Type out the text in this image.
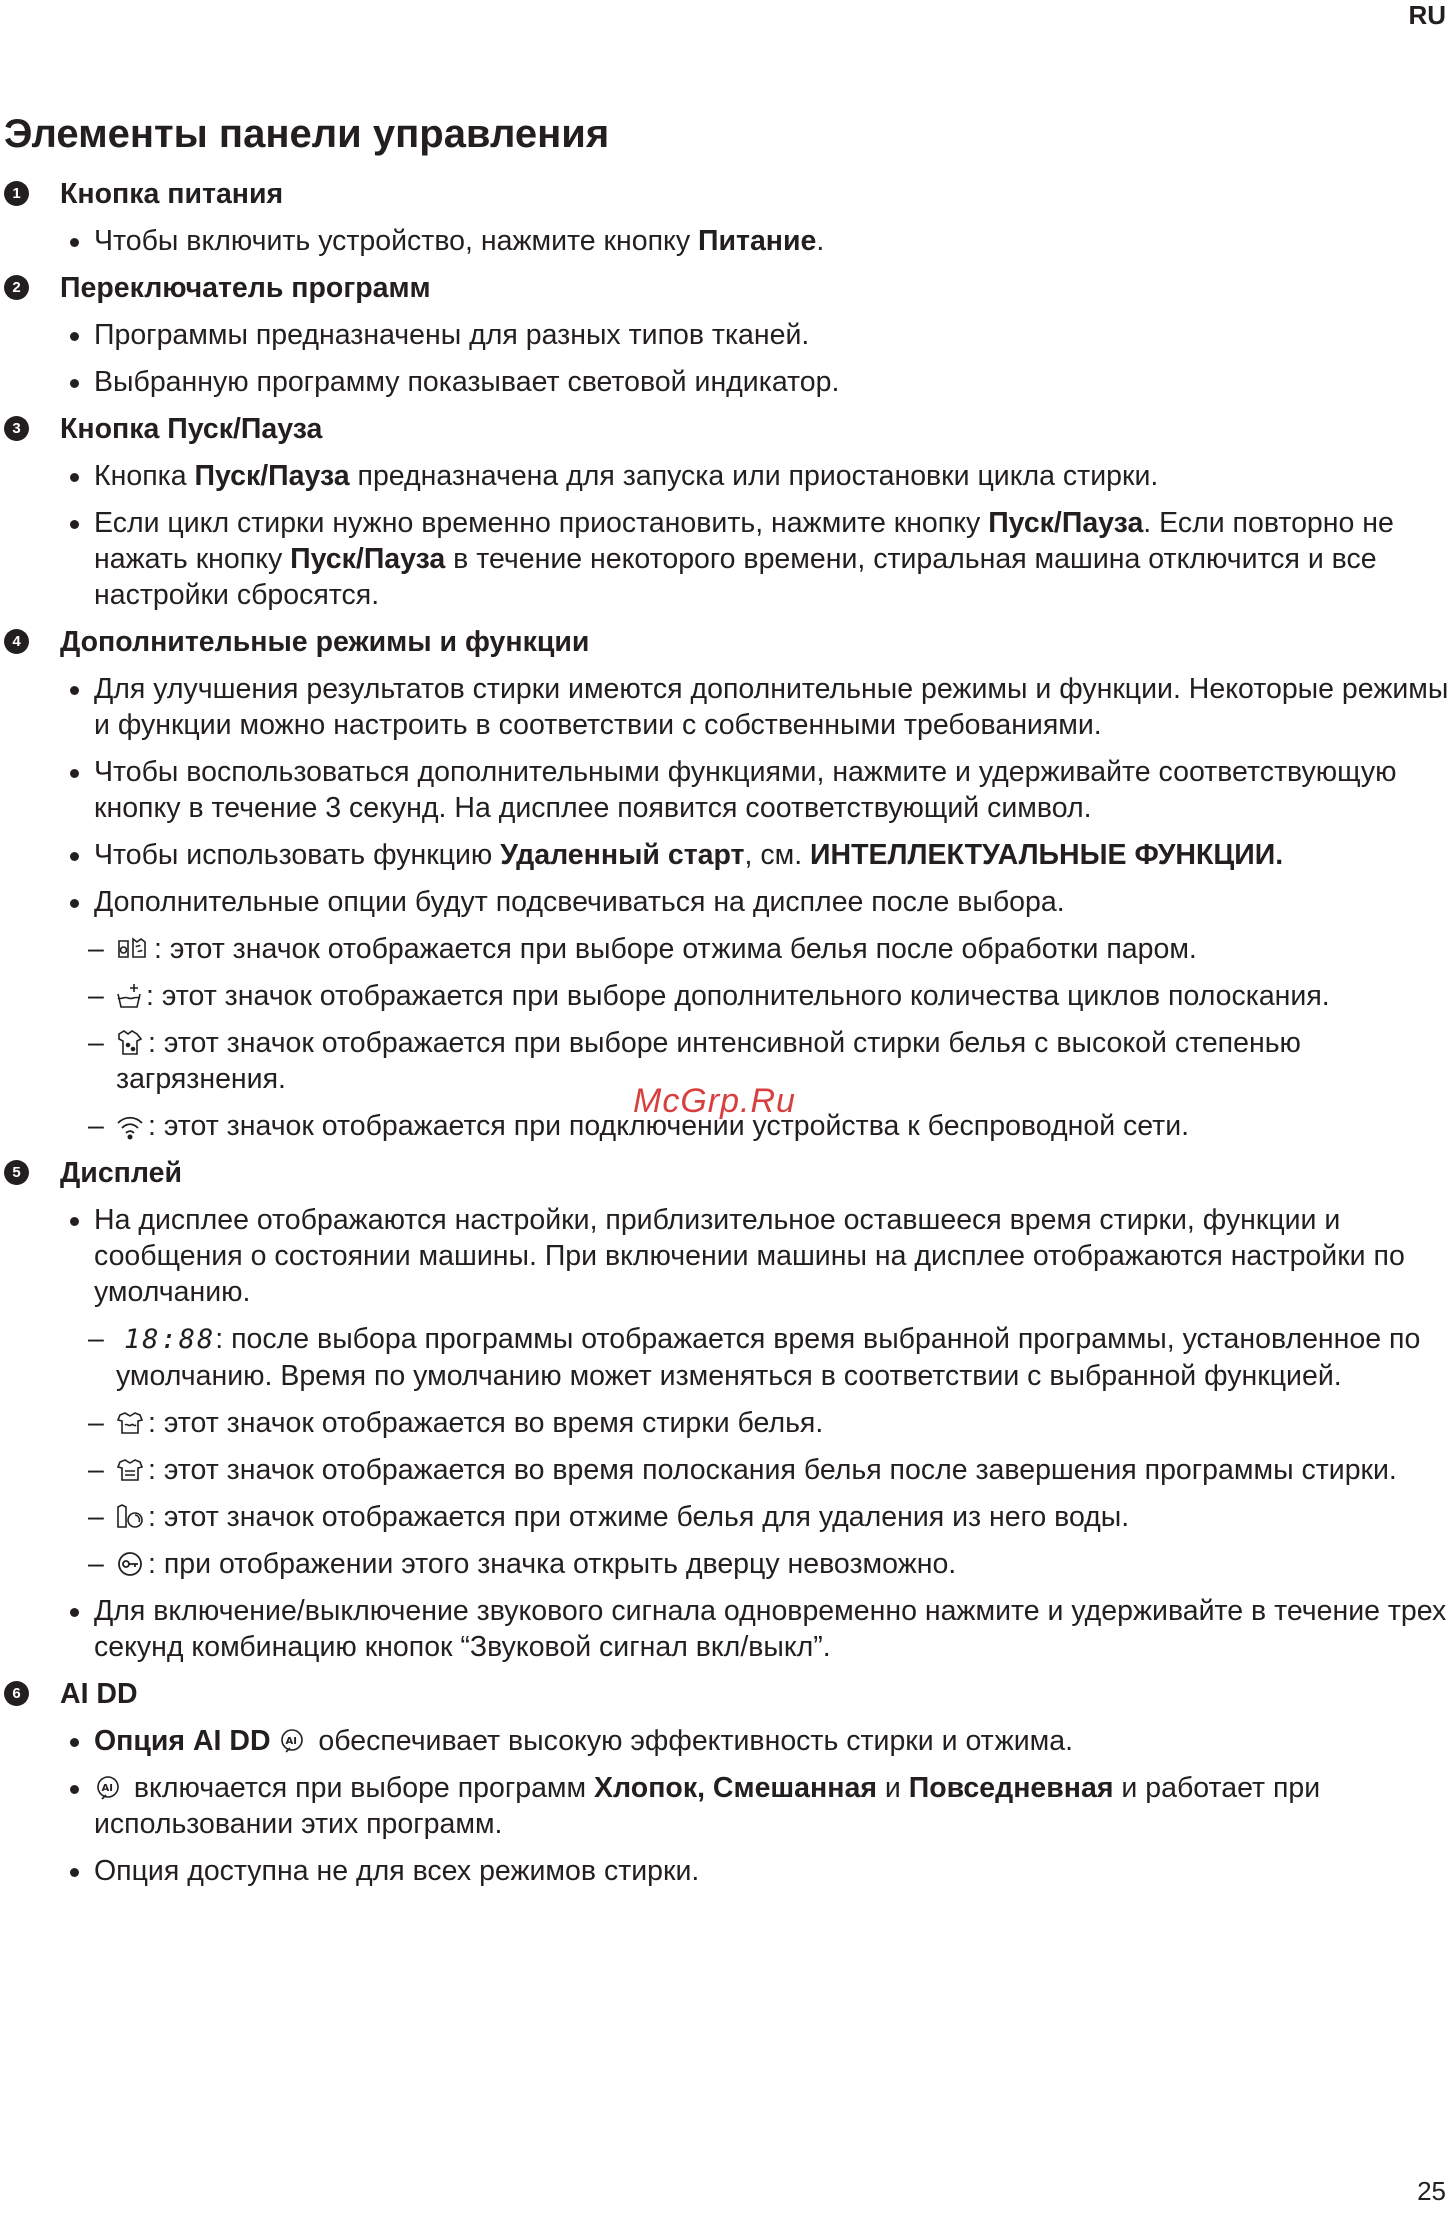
RU
Элементы панели управления
1 Кнопка питания
Чтобы включить устройство, нажмите кнопку Питание.
2 Переключатель программ
Программы предназначены для разных типов тканей.
Выбранную программу показывает световой индикатор.
3 Кнопка Пуск/Пауза
Кнопка Пуск/Пауза предназначена для запуска или приостановки цикла стирки.
Если цикл стирки нужно временно приостановить, нажмите кнопку Пуск/Пауза. Если повторно не нажать кнопку Пуск/Пауза в течение некоторого времени, стиральная машина отключится и все настройки сбросятся.
4 Дополнительные режимы и функции
Для улучшения результатов стирки имеются дополнительные режимы и функции. Некоторые режимы и функции можно настроить в соответствии с собственными требованиями.
Чтобы воспользоваться дополнительными функциями, нажмите и удерживайте соответствующую кнопку в течение 3 секунд. На дисплее появится соответствующий символ.
Чтобы использовать функцию Удаленный старт, см. ИНТЕЛЛЕКТУАЛЬНЫЕ ФУНКЦИИ.
Дополнительные опции будут подсвечиваться на дисплее после выбора.
– : этот значок отображается при выборе отжима белья после обработки паром.
– : этот значок отображается при выборе дополнительного количества циклов полоскания.
– : этот значок отображается при выборе интенсивной стирки белья с высокой степенью загрязнения.
– : этот значок отображается при подключении устройства к беспроводной сети.
5 Дисплей
На дисплее отображаются настройки, приблизительное оставшееся время стирки, функции и сообщения о состоянии машины. При включении машины на дисплее отображаются настройки по умолчанию.
– 18:88: после выбора программы отображается время выбранной программы, установленное по умолчанию. Время по умолчанию может изменяться в соответствии с выбранной функцией.
– : этот значок отображается во время стирки белья.
– : этот значок отображается во время полоскания белья после завершения программы стирки.
– : этот значок отображается при отжиме белья для удаления из него воды.
– : при отображении этого значка открыть дверцу невозможно.
Для включение/выключение звукового сигнала одновременно нажмите и удерживайте в течение трех секунд комбинацию кнопок “Звуковой сигнал вкл/выкл”.
6 AI DD
Опция AI DD AI обеспечивает высокую эффективность стирки и отжима.
AI включается при выборе программ Хлопок, Смешанная и Повседневная и работает при использовании этих программ.
Опция доступна не для всех режимов стирки.
McGrp.Ru
25
